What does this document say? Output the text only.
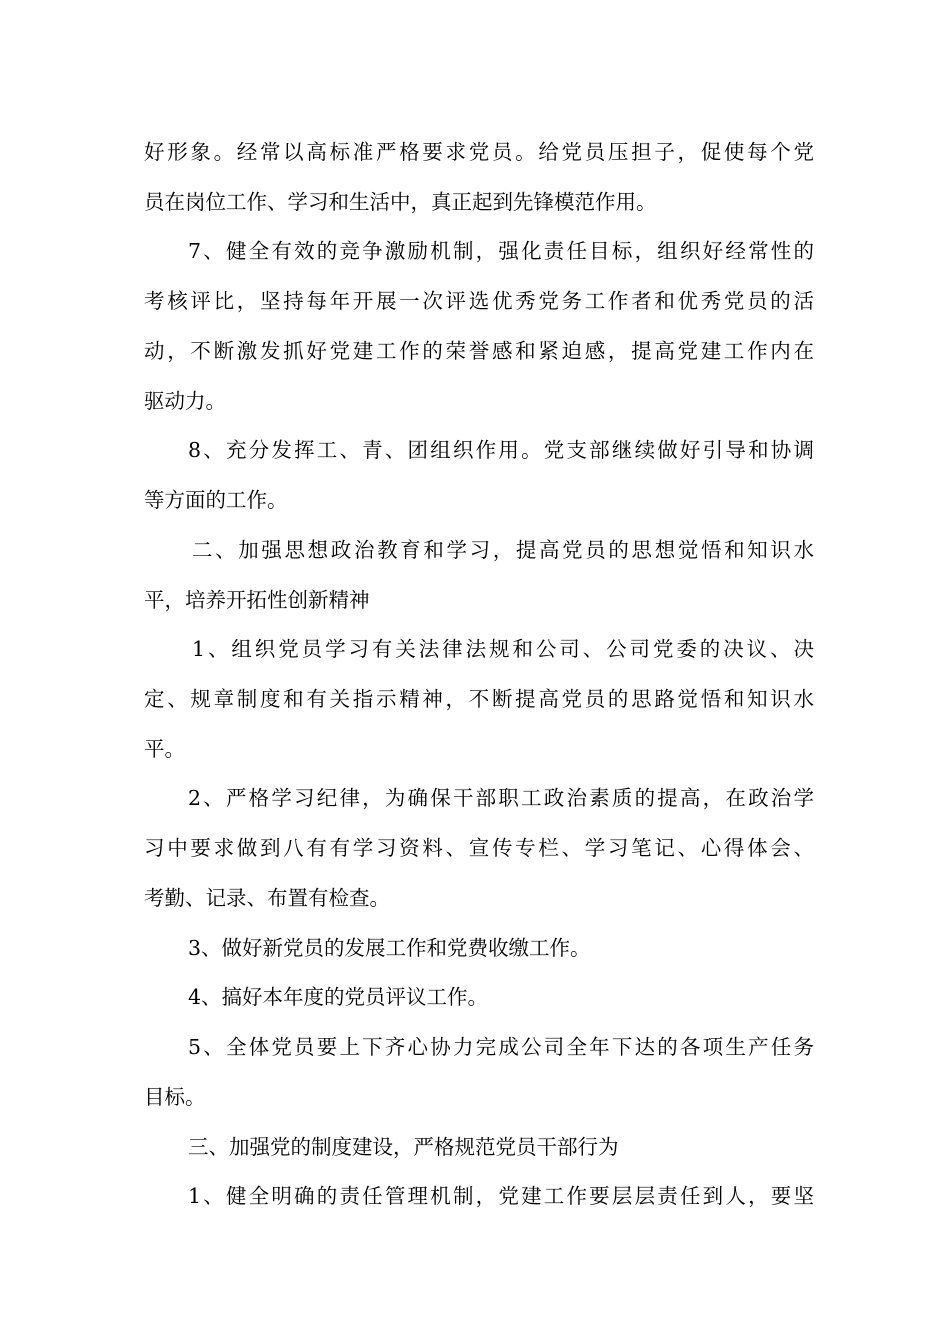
好形象。经常以高标准严格要求党员。给党员压担子，促使每个党
员在岗位工作、学习和生活中，真正起到先锋模范作用。
7、健全有效的竞争激励机制，强化责任目标，组织好经常性的
考核评比，坚持每年开展一次评选优秀党务工作者和优秀党员的活
动，不断激发抓好党建工作的荣誉感和紧迫感，提高党建工作内在
驱动力。
8、充分发挥工、青、团组织作用。党支部继续做好引导和协调
等方面的工作。
二、加强思想政治教育和学习，提高党员的思想觉悟和知识水
平，培养开拓性创新精神
1、组织党员学习有关法律法规和公司、公司党委的决议、决
定、规章制度和有关指示精神，不断提高党员的思路觉悟和知识水
平。
2、严格学习纪律，为确保干部职工政治素质的提高，在政治学
习中要求做到八有有学习资料、宣传专栏、学习笔记、心得体会、
考勤、记录、布置有检查。
3、做好新党员的发展工作和党费收缴工作。
4、搞好本年度的党员评议工作。
5、全体党员要上下齐心协力完成公司全年下达的各项生产任务
目标。
三、加强党的制度建设，严格规范党员干部行为
1、健全明确的责任管理机制，党建工作要层层责任到人，要坚
